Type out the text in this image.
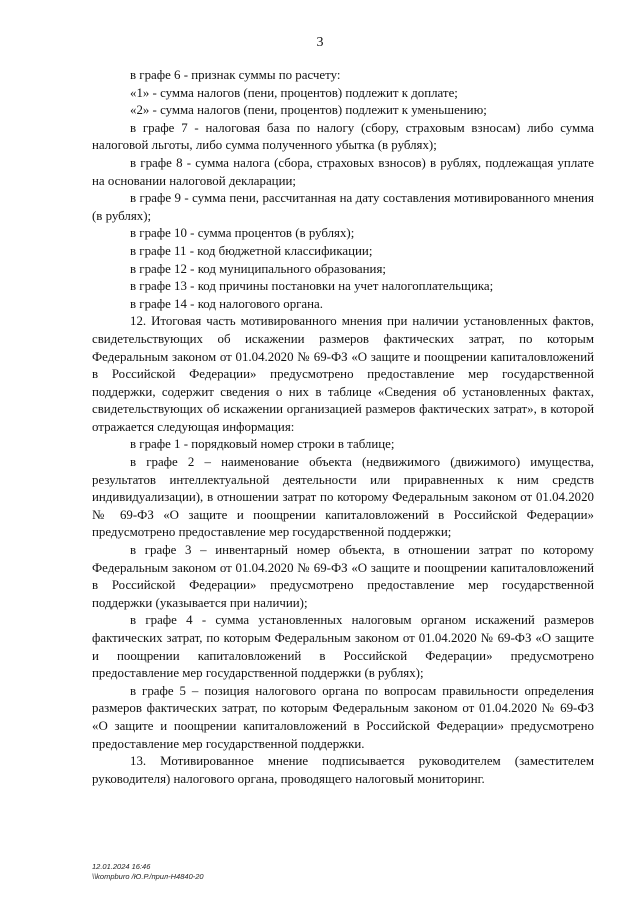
3

в графе 6 - признак суммы по расчету:

«1» - сумма налогов (пени, процентов) подлежит к доплате;

«2» - сумма налогов (пени, процентов) подлежит к уменьшению;

в графе 7 - налоговая база по налогу (сбору, страховым взносам) либо сумма налоговой льготы, либо сумма полученного убытка (в рублях);

в графе 8 - сумма налога (сбора, страховых взносов) в рублях, подлежащая уплате на основании налоговой декларации;

в графе 9 - сумма пени, рассчитанная на дату составления мотивированного мнения (в рублях);

в графе 10 - сумма процентов (в рублях);

в графе 11 - код бюджетной классификации;

в графе 12 - код муниципального образования;

в графе 13 - код причины постановки на учет налогоплательщика;

в графе 14 - код налогового органа.

12. Итоговая часть мотивированного мнения при наличии установленных фактов, свидетельствующих об искажении размеров фактических затрат, по которым Федеральным законом от 01.04.2020 № 69-ФЗ «О защите и поощрении капиталовложений в Российской Федерации» предусмотрено предоставление мер государственной поддержки, содержит сведения о них в таблице «Сведения об установленных фактах, свидетельствующих об искажении организацией размеров фактических затрат», в которой отражается следующая информация:

в графе 1 - порядковый номер строки в таблице;

в графе 2 – наименование объекта (недвижимого (движимого) имущества, результатов интеллектуальной деятельности или приравненных к ним средств индивидуализации), в отношении затрат по которому Федеральным законом от 01.04.2020 № 69-ФЗ «О защите и поощрении капиталовложений в Российской Федерации» предусмотрено предоставление мер государственной поддержки;

в графе 3 – инвентарный номер объекта, в отношении затрат по которому Федеральным законом от 01.04.2020 № 69-ФЗ «О защите и поощрении капиталовложений в Российской Федерации» предусмотрено предоставление мер государственной поддержки (указывается при наличии);

в графе 4 - сумма установленных налоговым органом искажений размеров фактических затрат, по которым Федеральным законом от 01.04.2020 № 69-ФЗ «О защите и поощрении капиталовложений в Российской Федерации» предусмотрено предоставление мер государственной поддержки (в рублях);

в графе 5 – позиция налогового органа по вопросам правильности определения размеров фактических затрат, по которым Федеральным законом от 01.04.2020 № 69-ФЗ «О защите и поощрении капиталовложений в Российской Федерации» предусмотрено предоставление мер государственной поддержки.

13. Мотивированное мнение подписывается руководителем (заместителем руководителя) налогового органа, проводящего налоговый мониторинг.

12.01.2024 16:46
\\kompburo /Ю.Р./прил-Н4840-20
